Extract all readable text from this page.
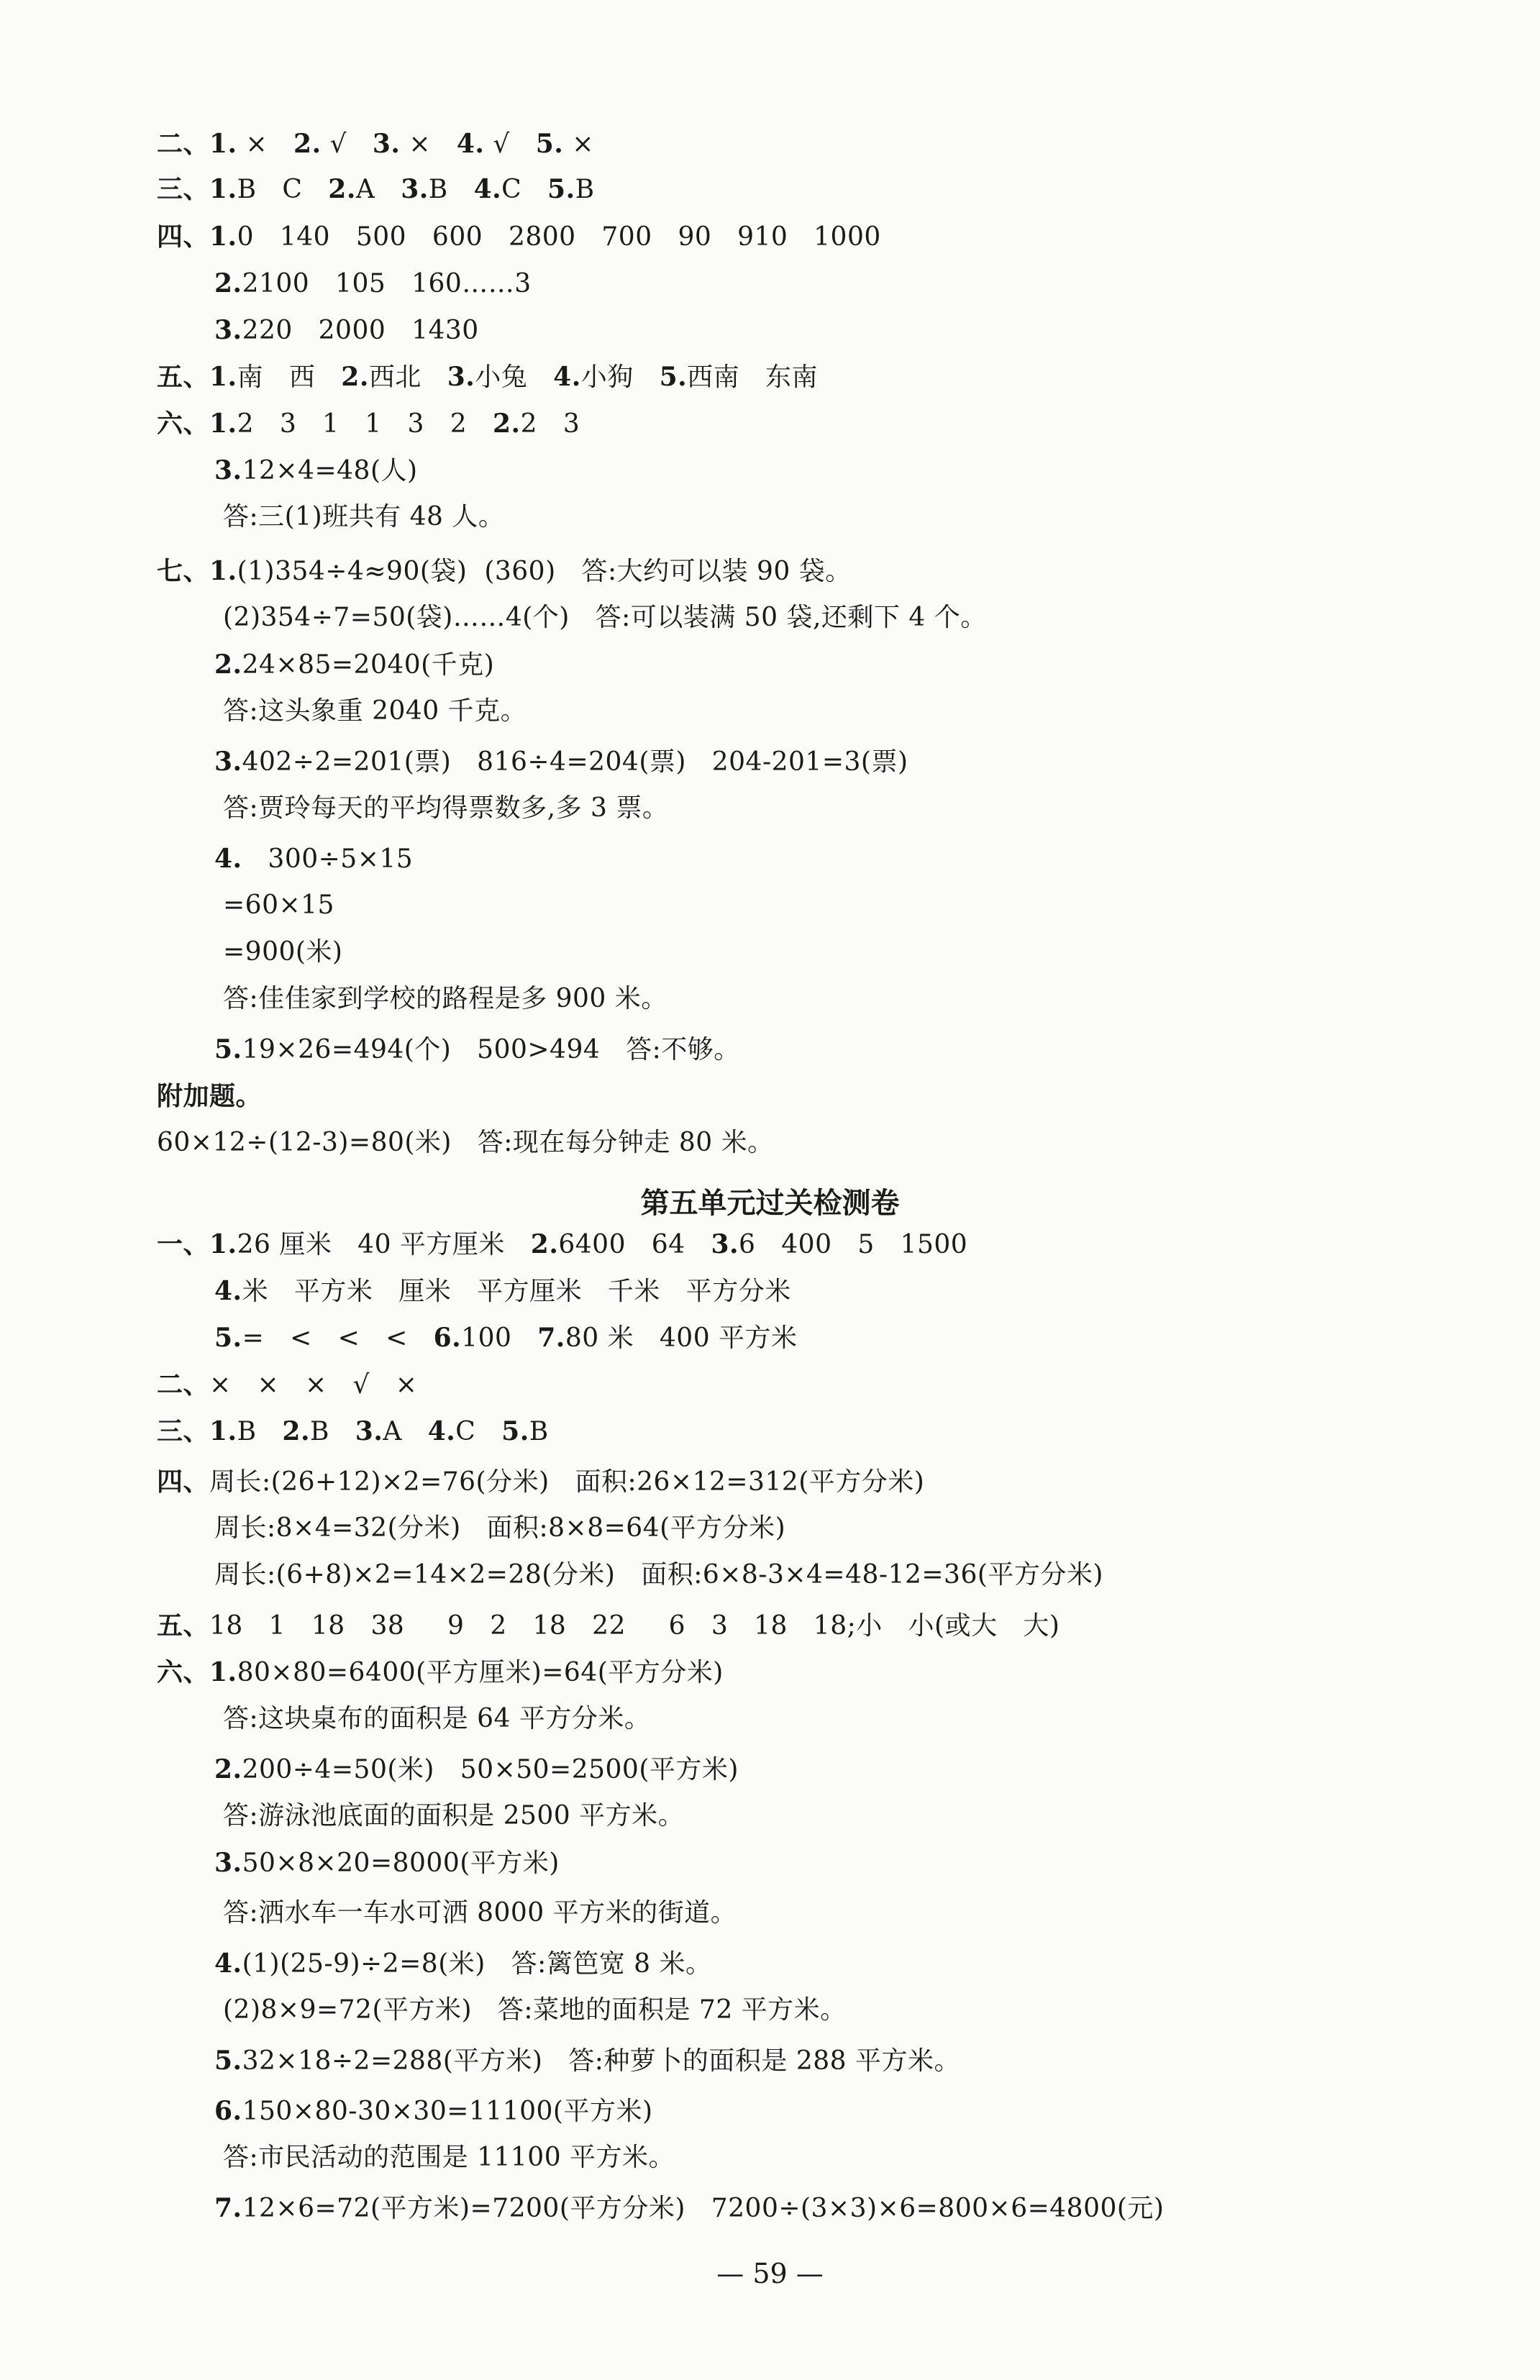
二、1. ×   2. √   3. ×   4. √   5. ×
三、1.B   C   2.A   3.B   4.C   5.B
四、1.0   140   500   600   2800   700   90   910   1000
2.2100   105   160……3
3.220   2000   1430
五、1.南   西   2.西北   3.小兔   4.小狗   5.西南   东南
六、1.2   3   1   1   3   2   2.2   3
3.12×4=48(人)
答:三(1)班共有 48 人。
七、1.(1)354÷4≈90(袋)  (360)   答:大约可以装 90 袋。
(2)354÷7=50(袋)……4(个)   答:可以装满 50 袋,还剩下 4 个。
2.24×85=2040(千克)
答:这头象重 2040 千克。
3.402÷2=201(票)   816÷4=204(票)   204-201=3(票)
答:贾玲每天的平均得票数多,多 3 票。
4.   300÷5×15
=60×15
=900(米)
答:佳佳家到学校的路程是多 900 米。
5.19×26=494(个)   500>494   答:不够。
附加题。
60×12÷(12-3)=80(米)   答:现在每分钟走 80 米。
第五单元过关检测卷
一、1.26 厘米   40 平方厘米   2.6400   64   3.6   400   5   1500
4.米   平方米   厘米   平方厘米   千米   平方分米
5.=   <   <   <   6.100   7.80 米   400 平方米
二、×   ×   ×   √   ×
三、1.B   2.B   3.A   4.C   5.B
四、周长:(26+12)×2=76(分米)   面积:26×12=312(平方分米)
周长:8×4=32(分米)   面积:8×8=64(平方分米)
周长:(6+8)×2=14×2=28(分米)   面积:6×8-3×4=48-12=36(平方分米)
五、18   1   18   38     9   2   18   22     6   3   18   18;小   小(或大   大)
六、1.80×80=6400(平方厘米)=64(平方分米)
答:这块桌布的面积是 64 平方分米。
2.200÷4=50(米)   50×50=2500(平方米)
答:游泳池底面的面积是 2500 平方米。
3.50×8×20=8000(平方米)
答:洒水车一车水可洒 8000 平方米的街道。
4.(1)(25-9)÷2=8(米)   答:篱笆宽 8 米。
(2)8×9=72(平方米)   答:菜地的面积是 72 平方米。
5.32×18÷2=288(平方米)   答:种萝卜的面积是 288 平方米。
6.150×80-30×30=11100(平方米)
答:市民活动的范围是 11100 平方米。
7.12×6=72(平方米)=7200(平方分米)   7200÷(3×3)×6=800×6=4800(元)
— 59 —
